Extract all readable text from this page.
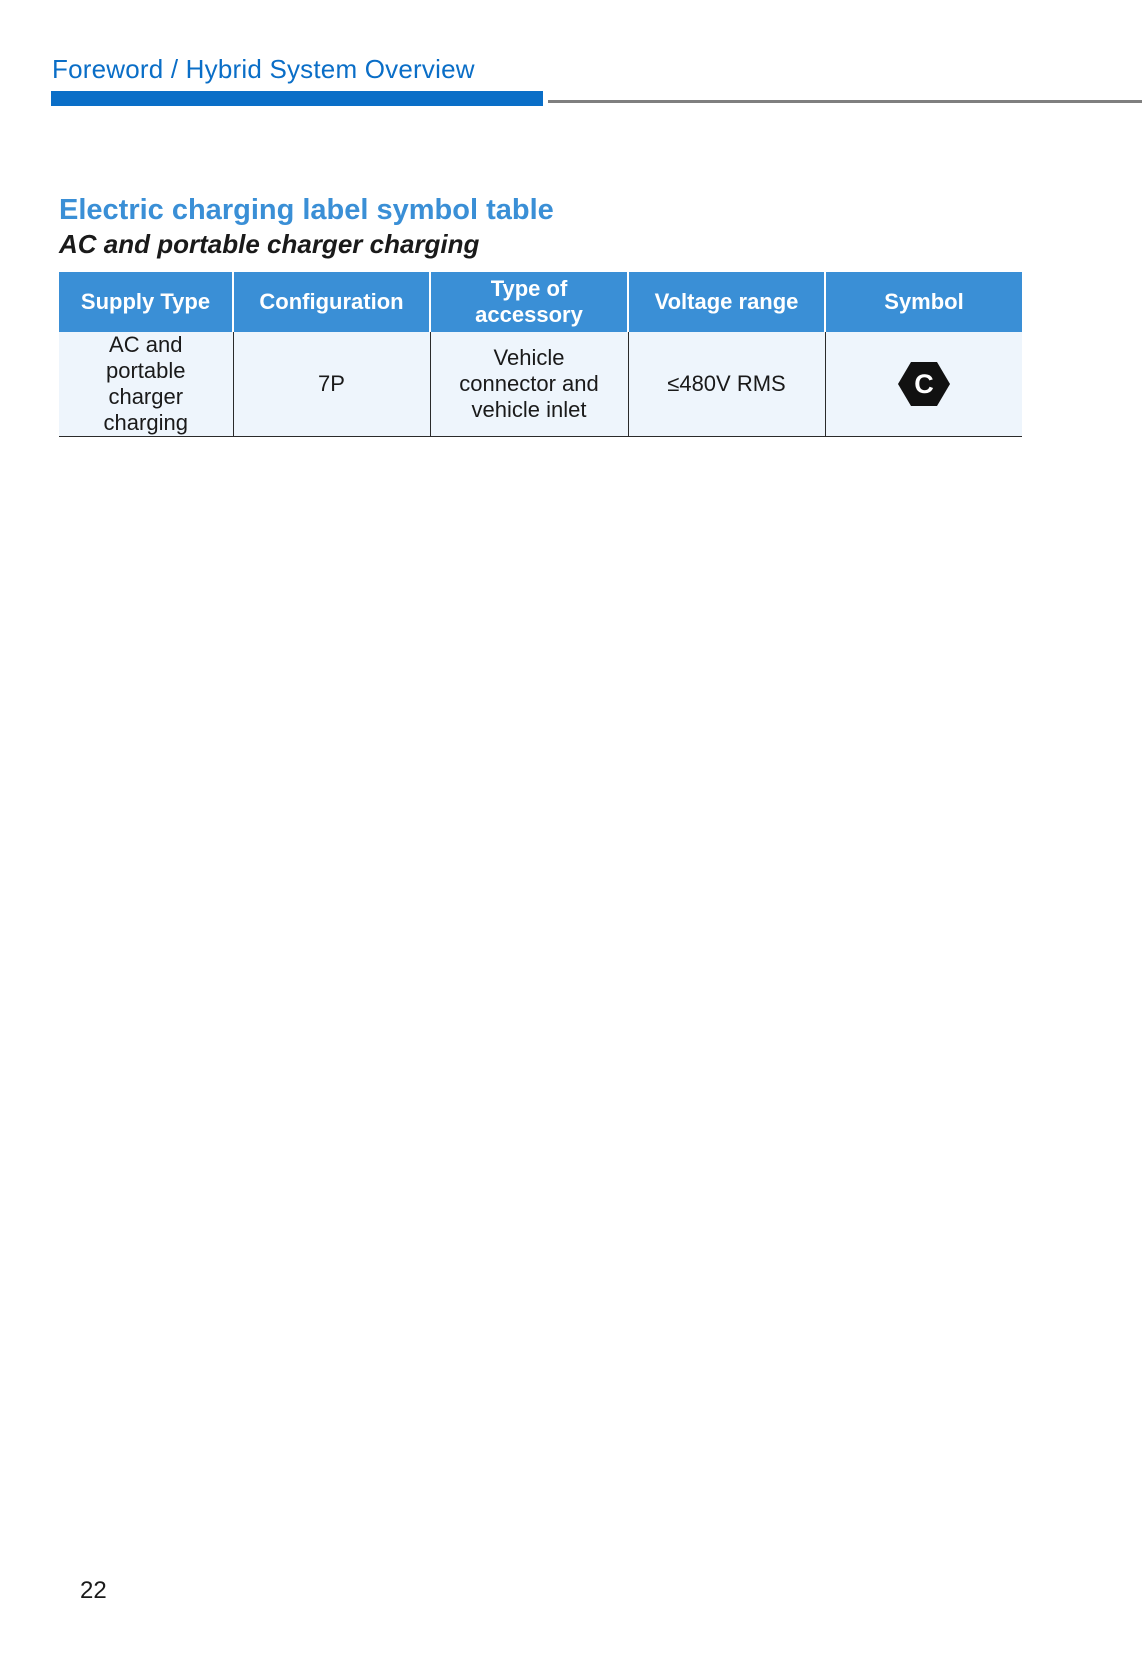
Foreword / Hybrid System Overview
Electric charging label symbol table
AC and portable charger charging
Supply Type	Configuration	Type of accessory	Voltage range	Symbol
AC and portable charger charging	7P	Vehicle connector and vehicle inlet	≤480V RMS	C
22
